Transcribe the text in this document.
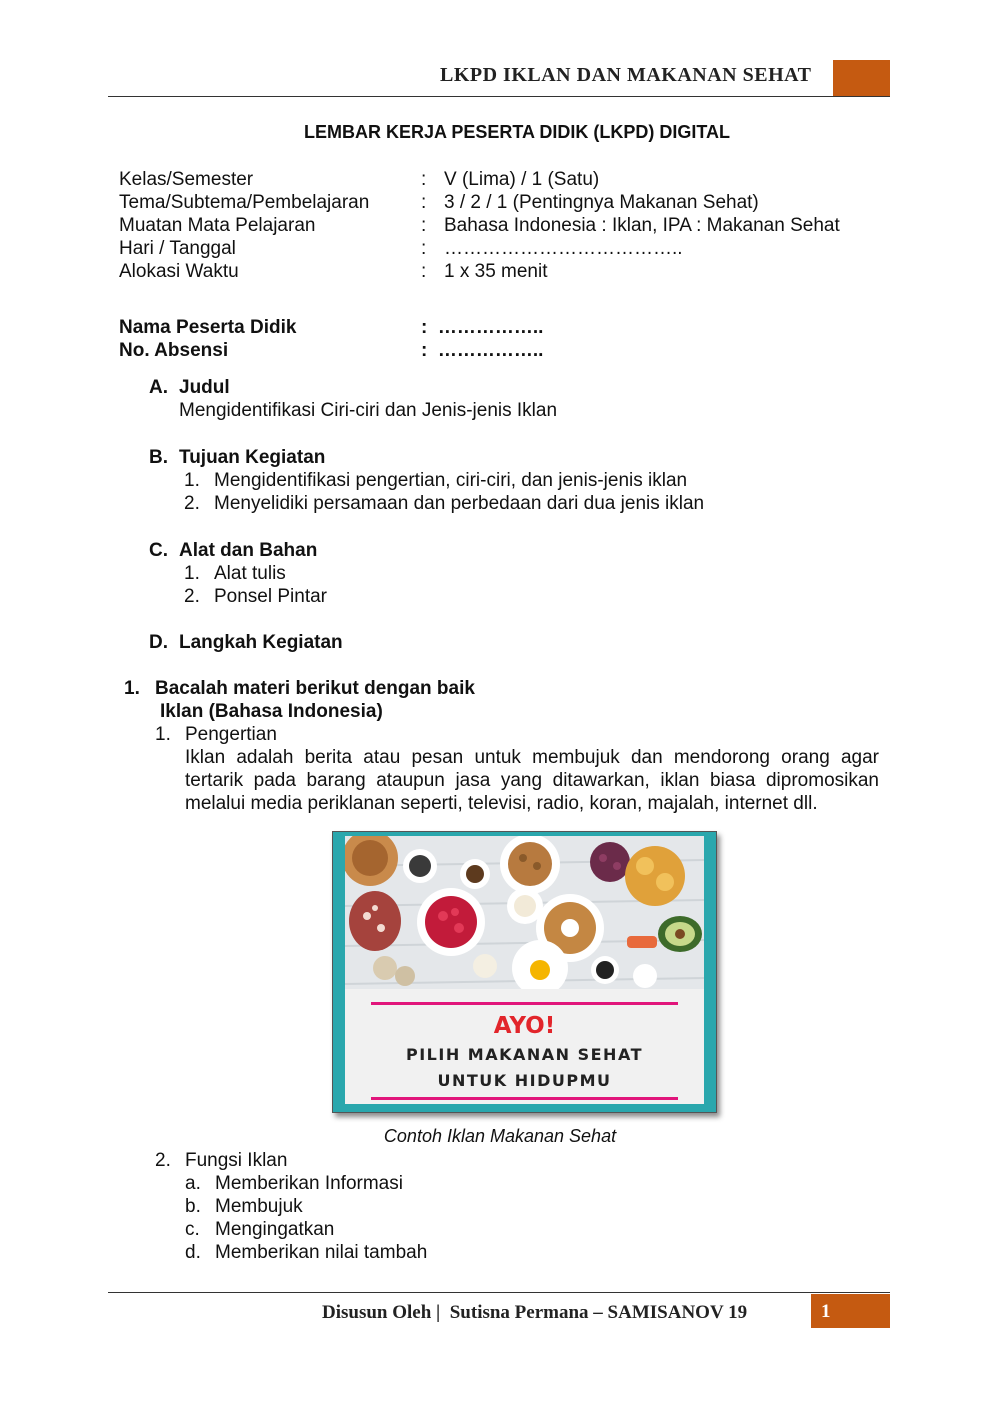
LKPD IKLAN DAN MAKANAN SEHAT
LEMBAR KERJA PESERTA DIDIK (LKPD) DIGITAL
Kelas/Semester	: V (Lima) / 1 (Satu)
Tema/Subtema/Pembelajaran	: 3 / 2 / 1 (Pentingnya Makanan Sehat)
Muatan Mata Pelajaran	: Bahasa Indonesia : Iklan, IPA : Makanan Sehat
Hari / Tanggal	: ………………………………..
Alokasi Waktu	: 1 x 35 menit
Nama Peserta Didik	:  ……………..
No. Absensi	:  ……………..
A. Judul
Mengidentifikasi Ciri-ciri dan Jenis-jenis Iklan
B. Tujuan Kegiatan
1. Mengidentifikasi pengertian, ciri-ciri, dan jenis-jenis iklan
2. Menyelidiki persamaan dan perbedaan dari dua jenis iklan
C. Alat dan Bahan
1. Alat tulis
2. Ponsel Pintar
D. Langkah Kegiatan
1. Bacalah materi berikut dengan baik
Iklan (Bahasa Indonesia)
1. Pengertian
Iklan adalah berita atau pesan untuk membujuk dan mendorong orang agar
tertarik pada barang ataupun jasa yang ditawarkan, iklan biasa dipromosikan
melalui media periklanan seperti, televisi, radio, koran, majalah, internet dll.
AYO!
PILIH MAKANAN SEHAT
UNTUK HIDUPMU
Contoh Iklan Makanan Sehat
2. Fungsi Iklan
a. Memberikan Informasi
b. Membujuk
c. Mengingatkan
d. Memberikan nilai tambah
Disusun Oleh |  Sutisna Permana – SAMISANOV 19	1
